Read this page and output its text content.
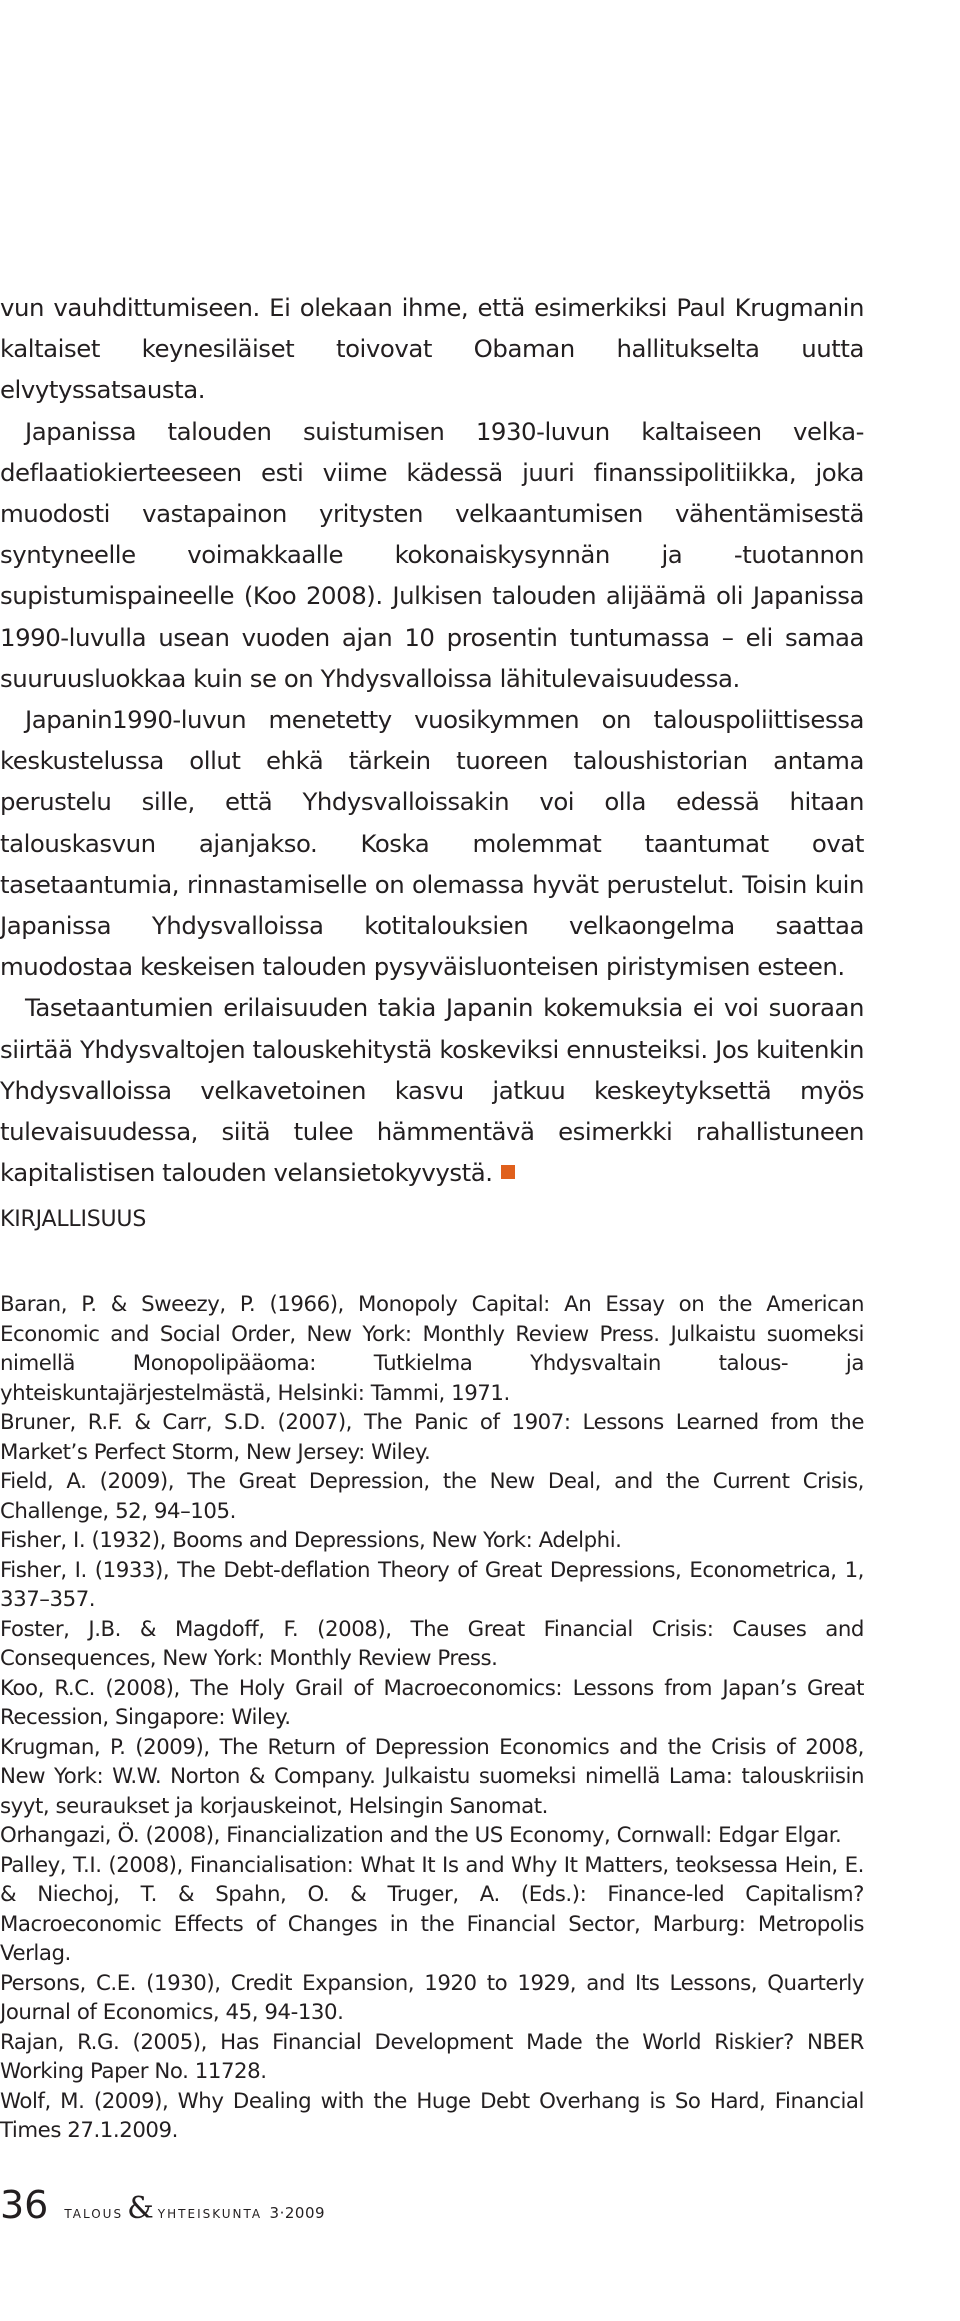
vun vauhdittumiseen. Ei olekaan ihme, että esimerkiksi Paul Krugmanin kaltaiset keynesiläiset toivovat Obaman hallitukselta uutta elvytyssatsausta.

Japanissa talouden suistumisen 1930-luvun kaltaiseen velka-deflaatiokierteeseen esti viime kädessä juuri finanssipolitiikka, joka muodosti vastapainon yritysten velkaantumisen vähentämisestä syntyneelle voimakkaalle kokonaiskysynnän ja -tuotannon supistumispaineelle (Koo 2008). Julkisen talouden alijäämä oli Japanissa 1990-luvulla usean vuoden ajan 10 prosentin tuntumassa – eli samaa suuruusluokkaa kuin se on Yhdysvalloissa lähitulevaisuudessa.

Japanin1990-luvun menetetty vuosikymmen on talouspoliittisessa keskustelussa ollut ehkä tärkein tuoreen taloushistorian antama perustelu sille, että Yhdysvalloissakin voi olla edessä hitaan talouskasvun ajanjakso. Koska molemmat taantumat ovat tasetaantumia, rinnastamiselle on olemassa hyvät perustelut. Toisin kuin Japanissa Yhdysvalloissa kotitalouksien velkaongelma saattaa muodostaa keskeisen talouden pysyväisluonteisen piristymisen esteen.

Tasetaantumien erilaisuuden takia Japanin kokemuksia ei voi suoraan siirtää Yhdysvaltojen talouskehitystä koskeviksi ennusteiksi. Jos kuitenkin Yhdysvalloissa velkavetoinen kasvu jatkuu keskeytyksettä myös tulevaisuudessa, siitä tulee hämmentävä esimerkki rahallistuneen kapitalistisen talouden velansietokyvystä.

KIRJALLISUUS

Baran, P. & Sweezy, P. (1966), Monopoly Capital: An Essay on the American Economic and Social Order, New York: Monthly Review Press. Julkaistu suomeksi nimellä Monopolipääoma: Tutkielma Yhdysvaltain talous- ja yhteiskuntajärjestelmästä, Helsinki: Tammi, 1971.

Bruner, R.F. & Carr, S.D. (2007), The Panic of 1907: Lessons Learned from the Market’s Perfect Storm, New Jersey: Wiley.

Field, A. (2009), The Great Depression, the New Deal, and the Current Crisis, Challenge, 52, 94–105.

Fisher, I. (1932), Booms and Depressions, New York: Adelphi.

Fisher, I. (1933), The Debt-deflation Theory of Great Depressions, Econometrica, 1, 337–357.

Foster, J.B. & Magdoff, F. (2008), The Great Financial Crisis: Causes and Consequences, New York: Monthly Review Press.

Koo, R.C. (2008), The Holy Grail of Macroeconomics: Lessons from Japan’s Great Recession, Singapore: Wiley.

Krugman, P. (2009), The Return of Depression Economics and the Crisis of 2008, New York: W.W. Norton & Company. Julkaistu suomeksi nimellä Lama: talouskriisin syyt, seuraukset ja korjauskeinot, Helsingin Sanomat.

Orhangazi, Ö. (2008), Financialization and the US Economy, Cornwall: Edgar Elgar.

Palley, T.I. (2008), Financialisation: What It Is and Why It Matters, teoksessa Hein, E. & Niechoj, T. & Spahn, O. & Truger, A. (Eds.): Finance-led Capitalism? Macroeconomic Effects of Changes in the Financial Sector, Marburg: Metropolis Verlag.

Persons, C.E. (1930), Credit Expansion, 1920 to 1929, and Its Lessons, Quarterly Journal of Economics, 45, 94-130.

Rajan, R.G. (2005), Has Financial Development Made the World Riskier? NBER Working Paper No. 11728.

Wolf, M. (2009), Why Dealing with the Huge Debt Overhang is So Hard, Financial Times 27.1.2009.

36 talous & yhteiskunta 3·2009
